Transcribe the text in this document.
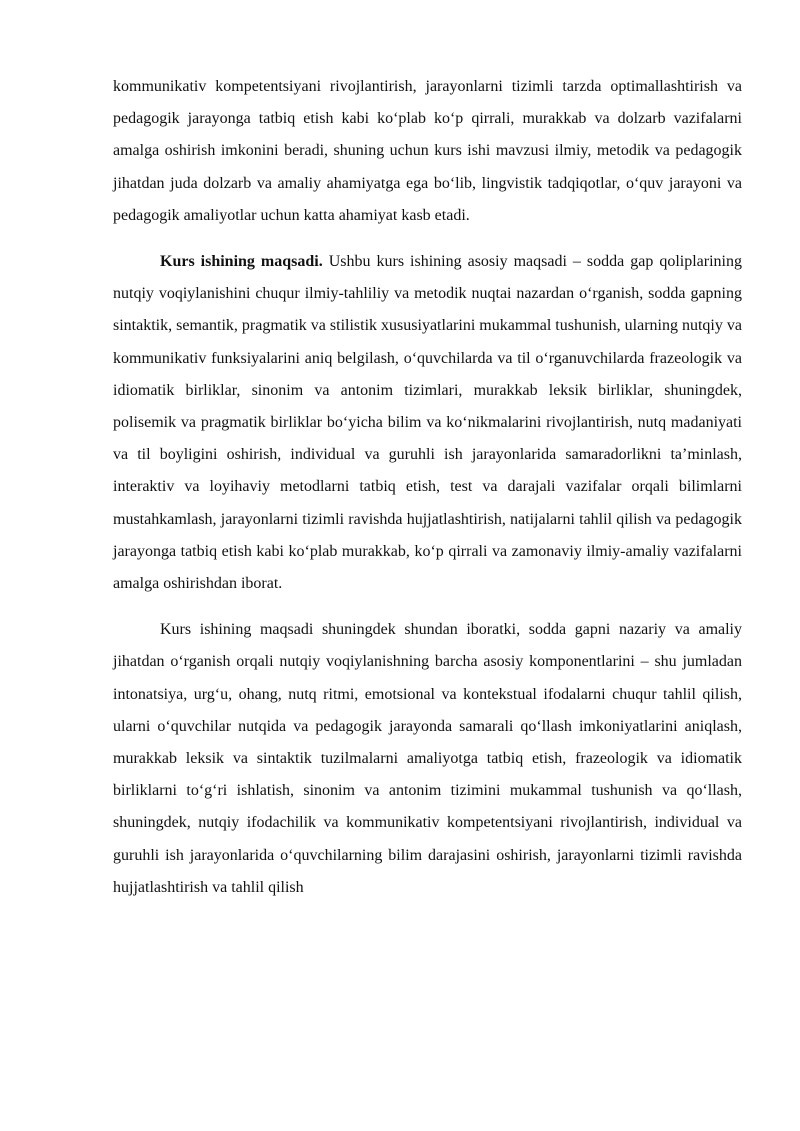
kommunikativ kompetentsiyani rivojlantirish, jarayonlarni tizimli tarzda optimallashtirish va pedagogik jarayonga tatbiq etish kabi ko‘plab ko‘p qirrali, murakkab va dolzarb vazifalarni amalga oshirish imkonini beradi, shuning uchun kurs ishi mavzusi ilmiy, metodik va pedagogik jihatdan juda dolzarb va amaliy ahamiyatga ega bo‘lib, lingvistik tadqiqotlar, o‘quv jarayoni va pedagogik amaliyotlar uchun katta ahamiyat kasb etadi.

Kurs ishining maqsadi. Ushbu kurs ishining asosiy maqsadi – sodda gap qoliplarining nutqiy voqiylanishini chuqur ilmiy-tahliliy va metodik nuqtai nazardan o‘rganish, sodda gapning sintaktik, semantik, pragmatik va stilistik xususiyatlarini mukammal tushunish, ularning nutqiy va kommunikativ funksiyalarini aniq belgilash, o‘quvchilarda va til o‘rganuvchilarda frazeologik va idiomatik birliklar, sinonim va antonim tizimlari, murakkab leksik birliklar, shuningdek, polisemik va pragmatik birliklar bo‘yicha bilim va ko‘nikmalarini rivojlantirish, nutq madaniyati va til boyligini oshirish, individual va guruhli ish jarayonlarida samaradorlikni ta’minlash, interaktiv va loyihaviy metodlarni tatbiq etish, test va darajali vazifalar orqali bilimlarni mustahkamlash, jarayonlarni tizimli ravishda hujjatlashtirish, natijalarni tahlil qilish va pedagogik jarayonga tatbiq etish kabi ko‘plab murakkab, ko‘p qirrali va zamonaviy ilmiy-amaliy vazifalarni amalga oshirishdan iborat.

Kurs ishining maqsadi shuningdek shundan iboratki, sodda gapni nazariy va amaliy jihatdan o‘rganish orqali nutqiy voqiylanishning barcha asosiy komponentlarini – shu jumladan intonatsiya, urg‘u, ohang, nutq ritmi, emotsional va kontekstual ifodalarni chuqur tahlil qilish, ularni o‘quvchilar nutqida va pedagogik jarayonda samarali qo‘llash imkoniyatlarini aniqlash, murakkab leksik va sintaktik tuzilmalarni amaliyotga tatbiq etish, frazeologik va idiomatik birliklarni to‘g‘ri ishlatish, sinonim va antonim tizimini mukammal tushunish va qo‘llash, shuningdek, nutqiy ifodachilik va kommunikativ kompetentsiyani rivojlantirish, individual va guruhli ish jarayonlarida o‘quvchilarning bilim darajasini oshirish, jarayonlarni tizimli ravishda hujjatlashtirish va tahlil qilish
